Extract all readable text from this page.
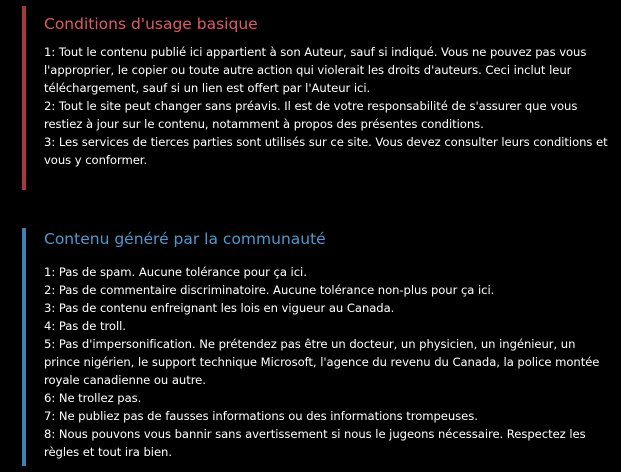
Conditions d'usage basique
1: Tout le contenu publié ici appartient à son Auteur, sauf si indiqué. Vous ne pouvez pas vous l'approprier, le copier ou toute autre action qui violerait les droits d'auteurs. Ceci inclut leur téléchargement, sauf si un lien est offert par l'Auteur ici.
2: Tout le site peut changer sans préavis. Il est de votre responsabilité de s'assurer que vous restiez à jour sur le contenu, notamment à propos des présentes conditions.
3: Les services de tierces parties sont utilisés sur ce site. Vous devez consulter leurs conditions et vous y conformer.
Contenu généré par la communauté
1: Pas de spam. Aucune tolérance pour ça ici.
2: Pas de commentaire discriminatoire. Aucune tolérance non-plus pour ça ici.
3: Pas de contenu enfreignant les lois en vigueur au Canada.
4: Pas de troll.
5: Pas d'impersonification. Ne prétendez pas être un docteur, un physicien, un ingénieur, un prince nigérien, le support technique Microsoft, l'agence du revenu du Canada, la police montée royale canadienne ou autre.
6: Ne trollez pas.
7: Ne publiez pas de fausses informations ou des informations trompeuses.
8: Nous pouvons vous bannir sans avertissement si nous le jugeons nécessaire. Respectez les règles et tout ira bien.
